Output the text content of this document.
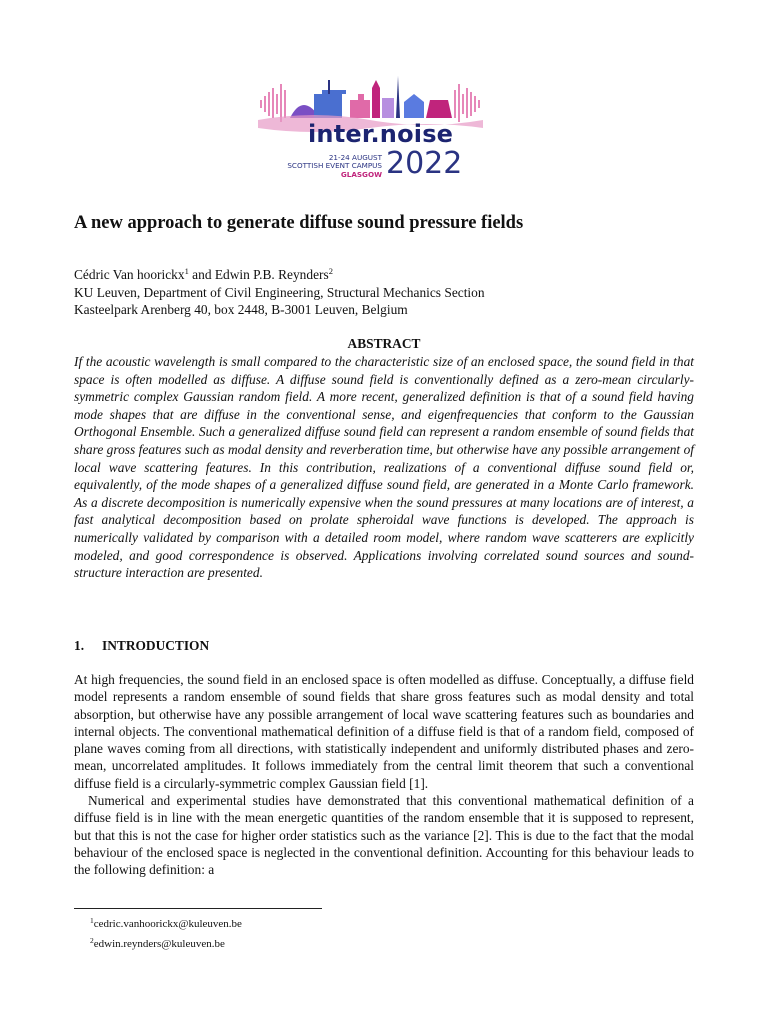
inter.noise
21-24 AUGUST
SCOTTISH EVENT CAMPUS
GLASGOW 2022
A new approach to generate diffuse sound pressure fields
Cédric Van hoorickx$^1$ and Edwin P.B. Reynders$^2$
KU Leuven, Department of Civil Engineering, Structural Mechanics Section
Kasteelpark Arenberg 40, box 2448, B-3001 Leuven, Belgium
ABSTRACT

If the acoustic wavelength is small compared to the characteristic size of an enclosed space, the sound field in that space is often modelled as diffuse. A diffuse sound field is conventionally defined as a zero-mean circularly-symmetric complex Gaussian random field. A more recent, generalized definition is that of a sound field having mode shapes that are diffuse in the conventional sense, and eigenfrequencies that conform to the Gaussian Orthogonal Ensemble. Such a generalized diffuse sound field can represent a random ensemble of sound fields that share gross features such as modal density and reverberation time, but otherwise have any possible arrangement of local wave scattering features. In this contribution, realizations of a conventional diffuse sound field or, equivalently, of the mode shapes of a generalized diffuse sound field, are generated in a Monte Carlo framework. As a discrete decomposition is numerically expensive when the sound pressures at many locations are of interest, a fast analytical decomposition based on prolate spheroidal wave functions is developed. The approach is numerically validated by comparison with a detailed room model, where random wave scatterers are explicitly modeled, and good correspondence is observed. Applications involving correlated sound sources and sound-structure interaction are presented.

1. INTRODUCTION

At high frequencies, the sound field in an enclosed space is often modelled as diffuse. Conceptually, a diffuse field model represents a random ensemble of sound fields that share gross features such as modal density and total absorption, but otherwise have any possible arrangement of local wave scattering features such as boundaries and internal objects. The conventional mathematical definition of a diffuse field is that of a random field, composed of plane waves coming from all directions, with statistically independent and uniformly distributed phases and zero-mean, uncorrelated amplitudes. It follows immediately from the central limit theorem that such a conventional diffuse field is a circularly-symmetric complex Gaussian field [1].

Numerical and experimental studies have demonstrated that this conventional mathematical definition of a diffuse field is in line with the mean energetic quantities of the random ensemble that it is supposed to represent, but that this is not the case for higher order statistics such as the variance [2]. This is due to the fact that the modal behaviour of the enclosed space is neglected in the conventional definition. Accounting for this behaviour leads to the following definition: a

$^1$cedric.vanhoorickx@kuleuven.be
$^2$edwin.reynders@kuleuven.be
